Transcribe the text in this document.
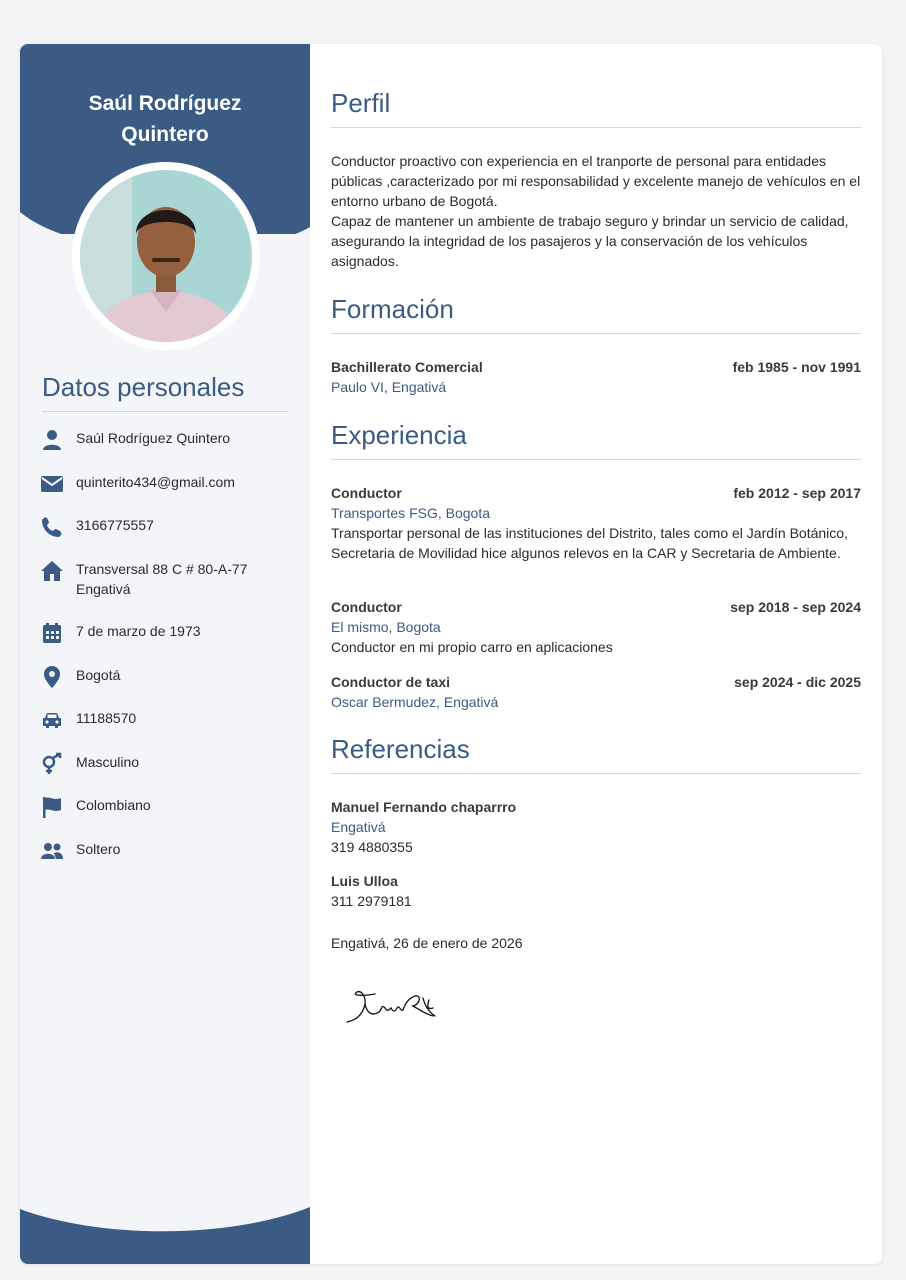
Saúl Rodríguez
Quintero
Datos personales
Saúl Rodríguez Quintero
quinterito434@gmail.com
3166775557
Transversal 88 C # 80-A-77 Engativá
7 de marzo de 1973
Bogotá
11188570
Masculino
Colombiano
Soltero
Perfil
Conductor proactivo con experiencia en el tranporte de personal para entidades públicas ,caracterizado por mi responsabilidad y excelente manejo de vehículos en el entorno urbano de Bogotá.
Capaz de mantener un ambiente de trabajo seguro y brindar un servicio de calidad, asegurando la integridad de los pasajeros y la conservación de los vehículos asignados.
Formación
Bachillerato Comercial	feb 1985 - nov 1991
Paulo VI, Engativá
Experiencia
Conductor	feb 2012 - sep 2017
Transportes FSG, Bogota
Transportar personal de las instituciones del Distrito, tales como el Jardín Botánico, Secretaria de Movilidad hice algunos relevos en la CAR y Secretaria de Ambiente.
Conductor	sep 2018 - sep 2024
El mismo, Bogota
Conductor en mi propio carro en aplicaciones
Conductor de taxi	sep 2024 - dic 2025
Oscar Bermudez, Engativá
Referencias
Manuel Fernando chaparrro
Engativá
319 4880355
Luis Ulloa
311 2979181
Engativá, 26 de enero de 2026
